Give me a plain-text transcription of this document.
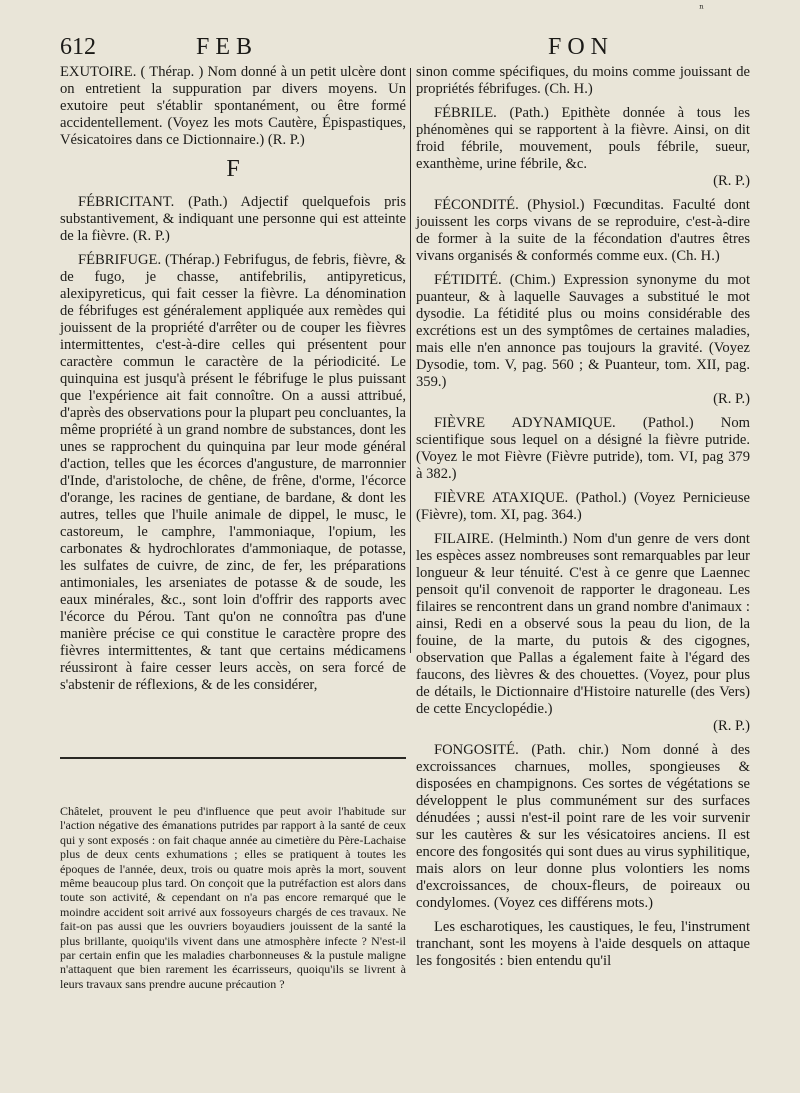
ⁿ
612	FEB	FON

EXUTOIRE. ( Thérap. ) Nom donné à un petit ulcère dont on entretient la suppuration par divers moyens. Un exutoire peut s'établir spontanément, ou être formé accidentellement. (Voyez les mots Cautère, Épispastiques, Vésicatoires dans ce Dictionnaire.) (R. P.)

F

FÉBRICITANT. (Path.) Adjectif quelquefois pris substantivement, & indiquant une personne qui est atteinte de la fièvre. (R. P.)

FÉBRIFUGE. (Thérap.) Febrifugus, de febris, fièvre, & de fugo, je chasse, antifebrilis, antipyreticus, alexipyreticus, qui fait cesser la fièvre. La dénomination de fébrifuges est généralement appliquée aux remèdes qui jouissent de la propriété d'arrêter ou de couper les fièvres intermittentes, c'est-à-dire celles qui présentent pour caractère commun le caractère de la périodicité. Le quinquina est jusqu'à présent le fébrifuge le plus puissant que l'expérience ait fait connoître. On a aussi attribué, d'après des observations pour la plupart peu concluantes, la même propriété à un grand nombre de substances, dont les unes se rapprochent du quinquina par leur mode général d'action, telles que les écorces d'angusture, de marronnier d'Inde, d'aristoloche, de chêne, de frêne, d'orme, l'écorce d'orange, les racines de gentiane, de bardane, & dont les autres, telles que l'huile animale de dippel, le musc, le castoreum, le camphre, l'ammoniaque, l'opium, les carbonates & hydrochlorates d'ammoniaque, de potasse, les sulfates de cuivre, de zinc, de fer, les préparations antimoniales, les arseniates de potasse & de soude, les eaux minérales, &c., sont loin d'offrir des rapports avec l'écorce du Pérou. Tant qu'on ne connoîtra pas d'une manière précise ce qui constitue le caractère propre des fièvres intermittentes, & tant que certains médicamens réussiront à faire cesser leurs accès, on sera forcé de s'abstenir de réflexions, & de les considérer,

Châtelet, prouvent le peu d'influence que peut avoir l'habitude sur l'action négative des émanations putrides par rapport à la santé de ceux qui y sont exposés : on fait chaque année au cimetière du Père-Lachaise plus de deux cents exhumations ; elles se pratiquent à toutes les époques de l'année, deux, trois ou quatre mois après la mort, souvent même beaucoup plus tard. On conçoit que la putréfaction est alors dans toute son activité, & cependant on n'a pas encore remarqué que le moindre accident soit arrivé aux fossoyeurs chargés de ces travaux. Ne fait-on pas aussi que les ouvriers boyaudiers jouissent de la santé la plus brillante, quoiqu'ils vivent dans une atmosphère infecte ? N'est-il par certain enfin que les maladies charbonneuses & la pustule maligne n'attaquent que bien rarement les écarrisseurs, quoiqu'ils se livrent à leurs travaux sans prendre aucune précaution ?

sinon comme spécifiques, du moins comme jouissant de propriétés fébrifuges. (Ch. H.)

FÉBRILE. (Path.) Epithète donnée à tous les phénomènes qui se rapportent à la fièvre. Ainsi, on dit froid fébrile, mouvement, pouls fébrile, sueur, exanthème, urine fébrile, &c.
(R. P.)

FÉCONDITÉ. (Physiol.) Fœcunditas. Faculté dont jouissent les corps vivans de se reproduire, c'est-à-dire de former à la suite de la fécondation d'autres êtres vivans organisés & conformés comme eux. (Ch. H.)

FÉTIDITÉ. (Chim.) Expression synonyme du mot puanteur, & à laquelle Sauvages a substitué le mot dysodie. La fétidité plus ou moins considérable des excrétions est un des symptômes de certaines maladies, mais elle n'en annonce pas toujours la gravité. (Voyez Dysodie, tom. V, pag. 560 ; & Puanteur, tom. XII, pag. 359.)
(R. P.)

FIÈVRE ADYNAMIQUE. (Pathol.) Nom scientifique sous lequel on a désigné la fièvre putride. (Voyez le mot Fièvre (Fièvre putride), tom. VI, pag 379 à 382.)

FIÈVRE ATAXIQUE. (Pathol.) (Voyez Pernicieuse (Fièvre), tom. XI, pag. 364.)

FILAIRE. (Helminth.) Nom d'un genre de vers dont les espèces assez nombreuses sont remarquables par leur longueur & leur ténuité. C'est à ce genre que Laennec pensoit qu'il convenoit de rapporter le dragoneau. Les filaires se rencontrent dans un grand nombre d'animaux : ainsi, Redi en a observé sous la peau du lion, de la fouine, de la marte, du putois & des cigognes, observation que Pallas a également faite à l'égard des faucons, des lièvres & des chouettes. (Voyez, pour plus de détails, le Dictionnaire d'Histoire naturelle (des Vers) de cette Encyclopédie.)
(R. P.)

FONGOSITÉ. (Path. chir.) Nom donné à des excroissances charnues, molles, spongieuses & disposées en champignons. Ces sortes de végétations se développent le plus communément sur des surfaces dénudées ; aussi n'est-il point rare de les voir survenir sur les cautères & sur les vésicatoires anciens. Il est encore des fongosités qui sont dues au virus syphilitique, mais alors on leur donne plus volontiers les noms d'excroissances, de choux-fleurs, de poireaux ou condylomes. (Voyez ces différens mots.)

Les escharotiques, les caustiques, le feu, l'instrument tranchant, sont les moyens à l'aide desquels on attaque les fongosités : bien entendu qu'il
